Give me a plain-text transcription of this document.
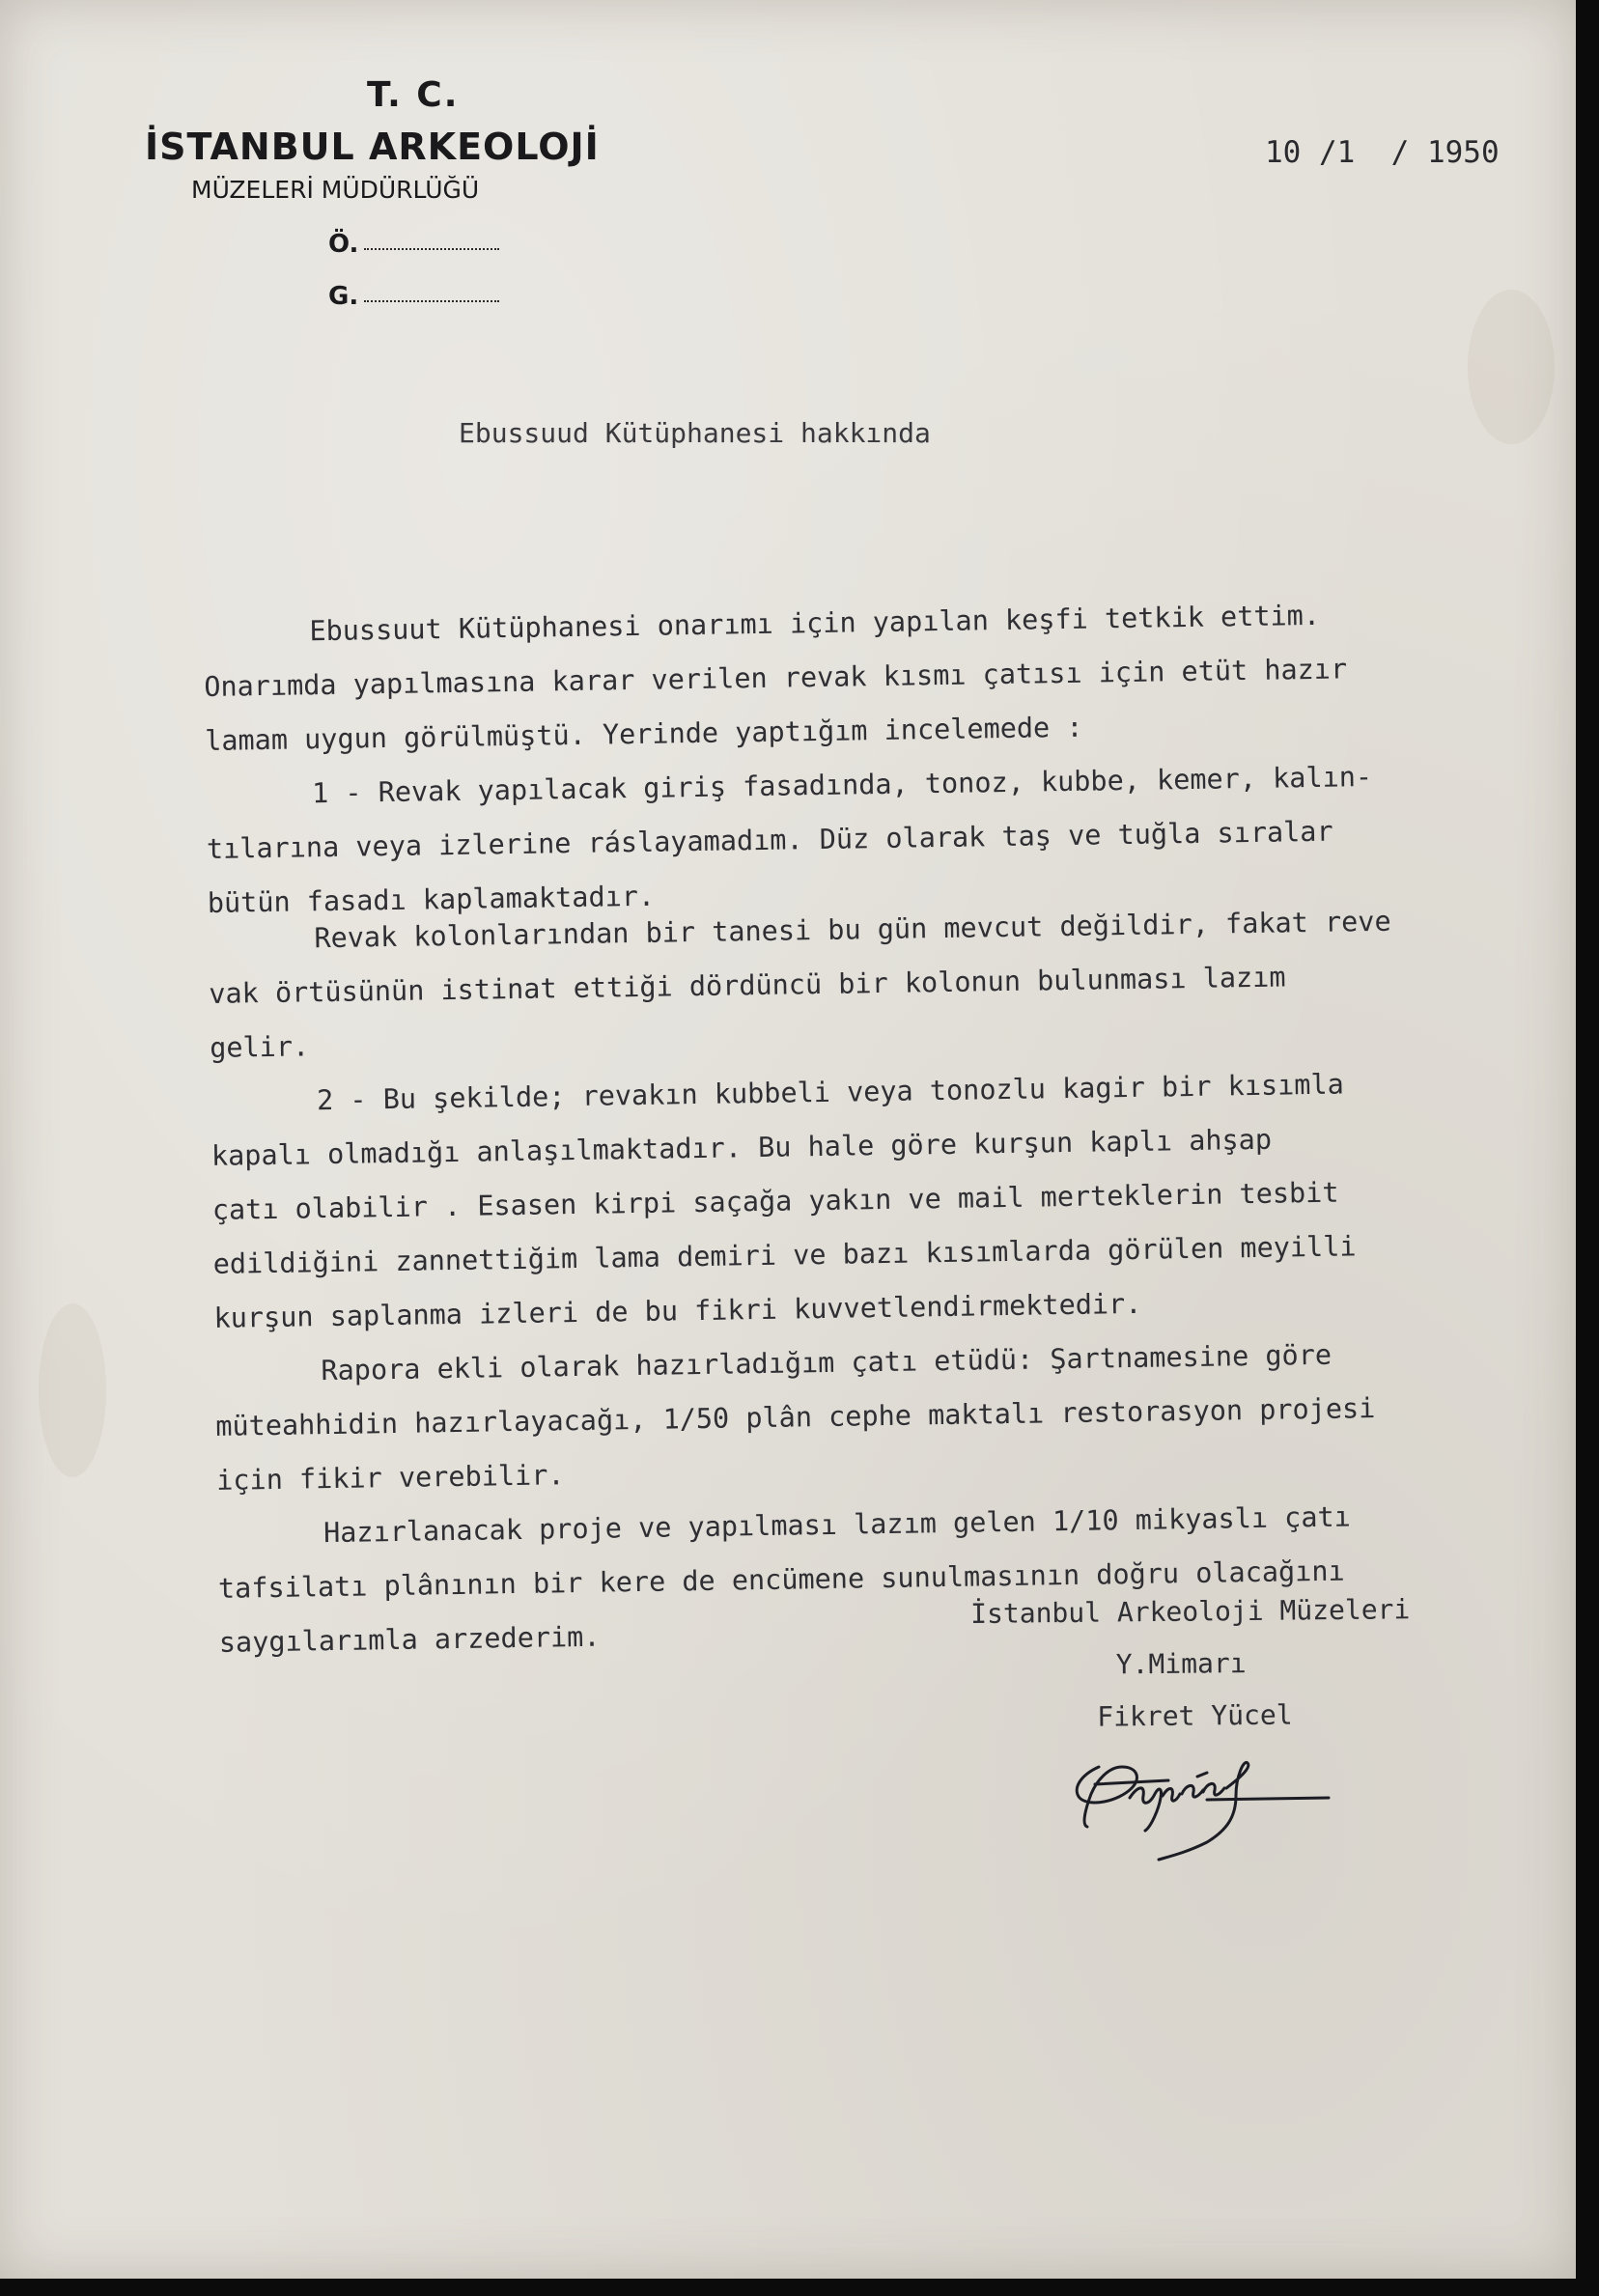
T. C.
İSTANBUL ARKEOLOJİ
MÜZELERİ MÜDÜRLÜĞÜ
Ö.
G.
10 /1  / 1950
Ebussuud Kütüphanesi hakkında
Ebussuut Kütüphanesi onarımı için yapılan keşfi tetkik ettim.
Onarımda yapılmasına karar verilen revak kısmı çatısı için etüt hazır
lamam uygun görülmüştü. Yerinde yaptığım incelemede :
1 - Revak yapılacak giriş fasadında, tonoz, kubbe, kemer, kalın-
tılarına veya izlerine ráslayamadım. Düz olarak taş ve tuğla sıralar
bütün fasadı kaplamaktadır.
Revak kolonlarından bir tanesi bu gün mevcut değildir, fakat reve
vak örtüsünün istinat ettiği dördüncü bir kolonun bulunması lazım
gelir.
2 - Bu şekilde; revakın kubbeli veya tonozlu kagir bir kısımla
kapalı olmadığı anlaşılmaktadır. Bu hale göre kurşun kaplı ahşap
çatı olabilir . Esasen kirpi saçağa yakın ve mail merteklerin tesbit
edildiğini zannettiğim lama demiri ve bazı kısımlarda görülen meyilli
kurşun saplanma izleri de bu fikri kuvvetlendirmektedir.
Rapora ekli olarak hazırladığım çatı etüdü: Şartnamesine göre
müteahhidin hazırlayacağı, 1/50 plân cephe maktalı restorasyon projesi
için fikir verebilir.
Hazırlanacak proje ve yapılması lazım gelen 1/10 mikyaslı çatı
tafsilatı plânının bir kere de encümene sunulmasının doğru olacağını
saygılarımla arzederim.
İstanbul Arkeoloji Müzeleri
Y.Mimarı
Fikret Yücel
